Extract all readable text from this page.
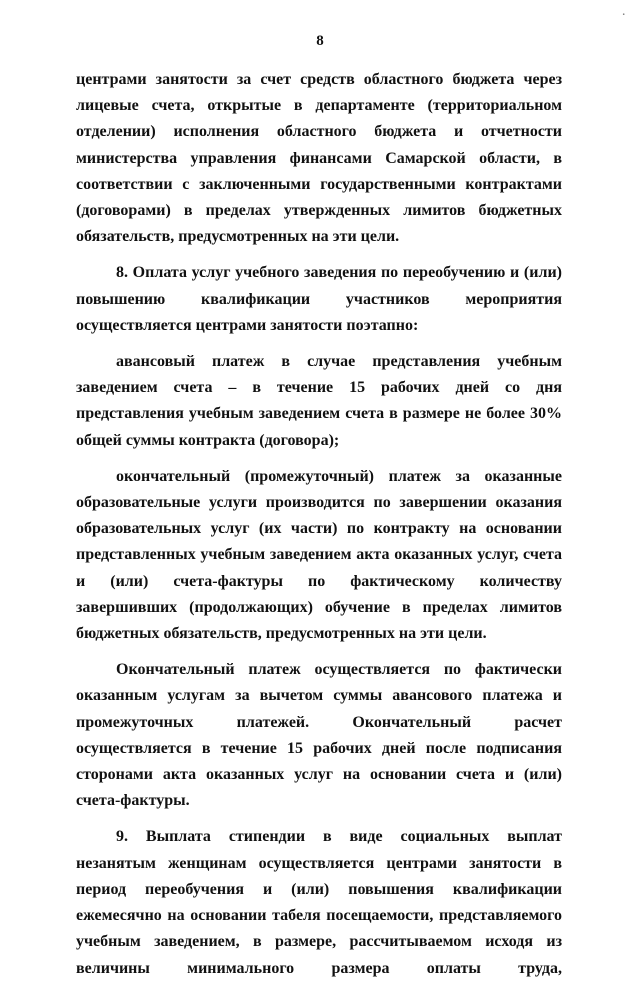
·
8

центрами занятости за счет средств областного бюджета через лицевые счета, открытые в департаменте (территориальном отделении) исполнения областного бюджета и отчетности министерства управления финансами Самарской области, в соответствии с заключенными государственными контрактами (договорами) в пределах утвержденных лимитов бюджетных обязательств, предусмотренных на эти цели.

8. Оплата услуг учебного заведения по переобучению и (или) повышению квалификации участников мероприятия осуществляется центрами занятости поэтапно:

авансовый платеж в случае представления учебным заведением счета – в течение 15 рабочих дней со дня представления учебным заведением счета в размере не более 30% общей суммы контракта (договора);

окончательный (промежуточный) платеж за оказанные образовательные услуги производится по завершении оказания образовательных услуг (их части) по контракту на основании представленных учебным заведением акта оказанных услуг, счета и (или) счета-фактуры по фактическому количеству завершивших (продолжающих) обучение в пределах лимитов бюджетных обязательств, предусмотренных на эти цели.

Окончательный платеж осуществляется по фактически оказанным услугам за вычетом суммы авансового платежа и промежуточных платежей. Окончательный расчет осуществляется в течение 15 рабочих дней после подписания сторонами акта оказанных услуг на основании счета и (или) счета-фактуры.

9. Выплата стипендии в виде социальных выплат незанятым женщинам осуществляется центрами занятости в период переобучения и (или) повышения квалификации ежемесячно на основании табеля посещаемости, представляемого учебным заведением, в размере, рассчитываемом исходя из величины минимального размера оплаты труда,
